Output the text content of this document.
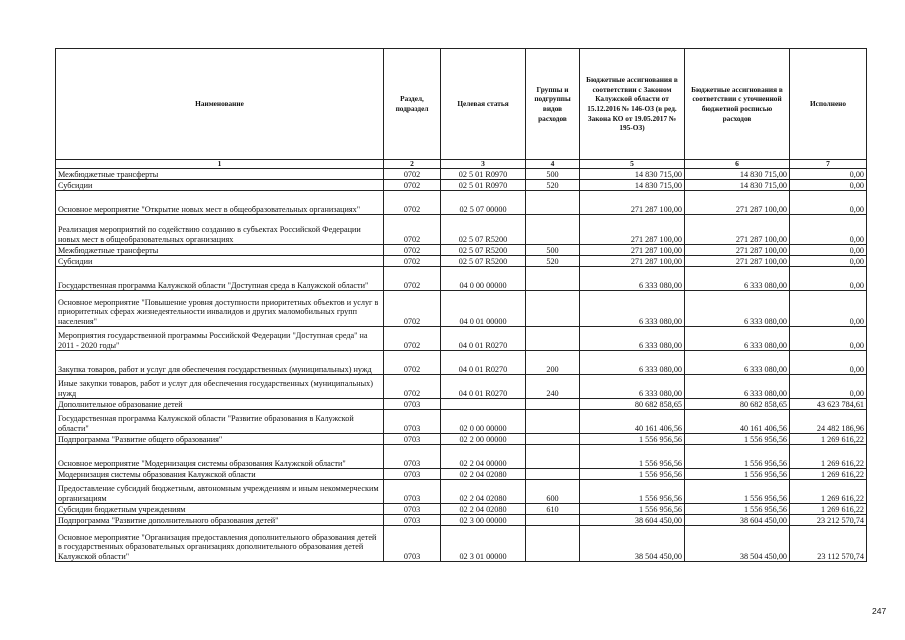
Наименование	Раздел, подраздел	Целевая статья	Группы и подгруппы видов расходов	Бюджетные ассигнования в соответствии с Законом Калужской области от 15.12.2016 № 146-ОЗ (в ред. Закона КО от 19.05.2017 № 195-ОЗ)	Бюджетные ассигнования в соответствии с уточненной бюджетной росписью расходов	Исполнено
1	2	3	4	5	6	7
Межбюджетные трансферты	0702	02 5 01 R0970	500	14 830 715,00	14 830 715,00	0,00
Субсидии	0702	02 5 01 R0970	520	14 830 715,00	14 830 715,00	0,00
Основное мероприятие "Открытие новых мест в общеобразовательных организациях"	0702	02 5 07 00000		271 287 100,00	271 287 100,00	0,00
Реализация мероприятий по содействию созданию в субъектах Российской Федерации новых мест в общеобразовательных организациях	0702	02 5 07 R5200		271 287 100,00	271 287 100,00	0,00
Межбюджетные трансферты	0702	02 5 07 R5200	500	271 287 100,00	271 287 100,00	0,00
Субсидии	0702	02 5 07 R5200	520	271 287 100,00	271 287 100,00	0,00
Государственная программа Калужской области "Доступная среда в Калужской области"	0702	04 0 00 00000		6 333 080,00	6 333 080,00	0,00
Основное мероприятие "Повышение уровня доступности приоритетных объектов и услуг в приоритетных сферах жизнедеятельности инвалидов и других маломобильных групп населения"	0702	04 0 01 00000		6 333 080,00	6 333 080,00	0,00
Мероприятия государственной программы Российской Федерации "Доступная среда" на 2011 - 2020 годы"	0702	04 0 01 R0270		6 333 080,00	6 333 080,00	0,00
Закупка товаров, работ и услуг для обеспечения государственных (муниципальных) нужд	0702	04 0 01 R0270	200	6 333 080,00	6 333 080,00	0,00
Иные закупки товаров, работ и услуг для обеспечения государственных (муниципальных) нужд	0702	04 0 01 R0270	240	6 333 080,00	6 333 080,00	0,00
Дополнительное образование детей	0703			80 682 858,65	80 682 858,65	43 623 784,61
Государственная программа Калужской области "Развитие образования в Калужской области"	0703	02 0 00 00000		40 161 406,56	40 161 406,56	24 482 186,96
Подпрограмма "Развитие общего образования"	0703	02 2 00 00000		1 556 956,56	1 556 956,56	1 269 616,22
Основное мероприятие "Модернизация системы образования Калужской области"	0703	02 2 04 00000		1 556 956,56	1 556 956,56	1 269 616,22
Модернизация системы образования Калужской области	0703	02 2 04 02080		1 556 956,56	1 556 956,56	1 269 616,22
Предоставление субсидий бюджетным, автономным учреждениям и иным некоммерческим организациям	0703	02 2 04 02080	600	1 556 956,56	1 556 956,56	1 269 616,22
Субсидии бюджетным учреждениям	0703	02 2 04 02080	610	1 556 956,56	1 556 956,56	1 269 616,22
Подпрограмма "Развитие дополнительного образования детей"	0703	02 3 00 00000		38 604 450,00	38 604 450,00	23 212 570,74
Основное мероприятие "Организация предоставления дополнительного образования детей в государственных образовательных организациях дополнительного образования детей Калужской области"	0703	02 3 01 00000		38 504 450,00	38 504 450,00	23 112 570,74
247
